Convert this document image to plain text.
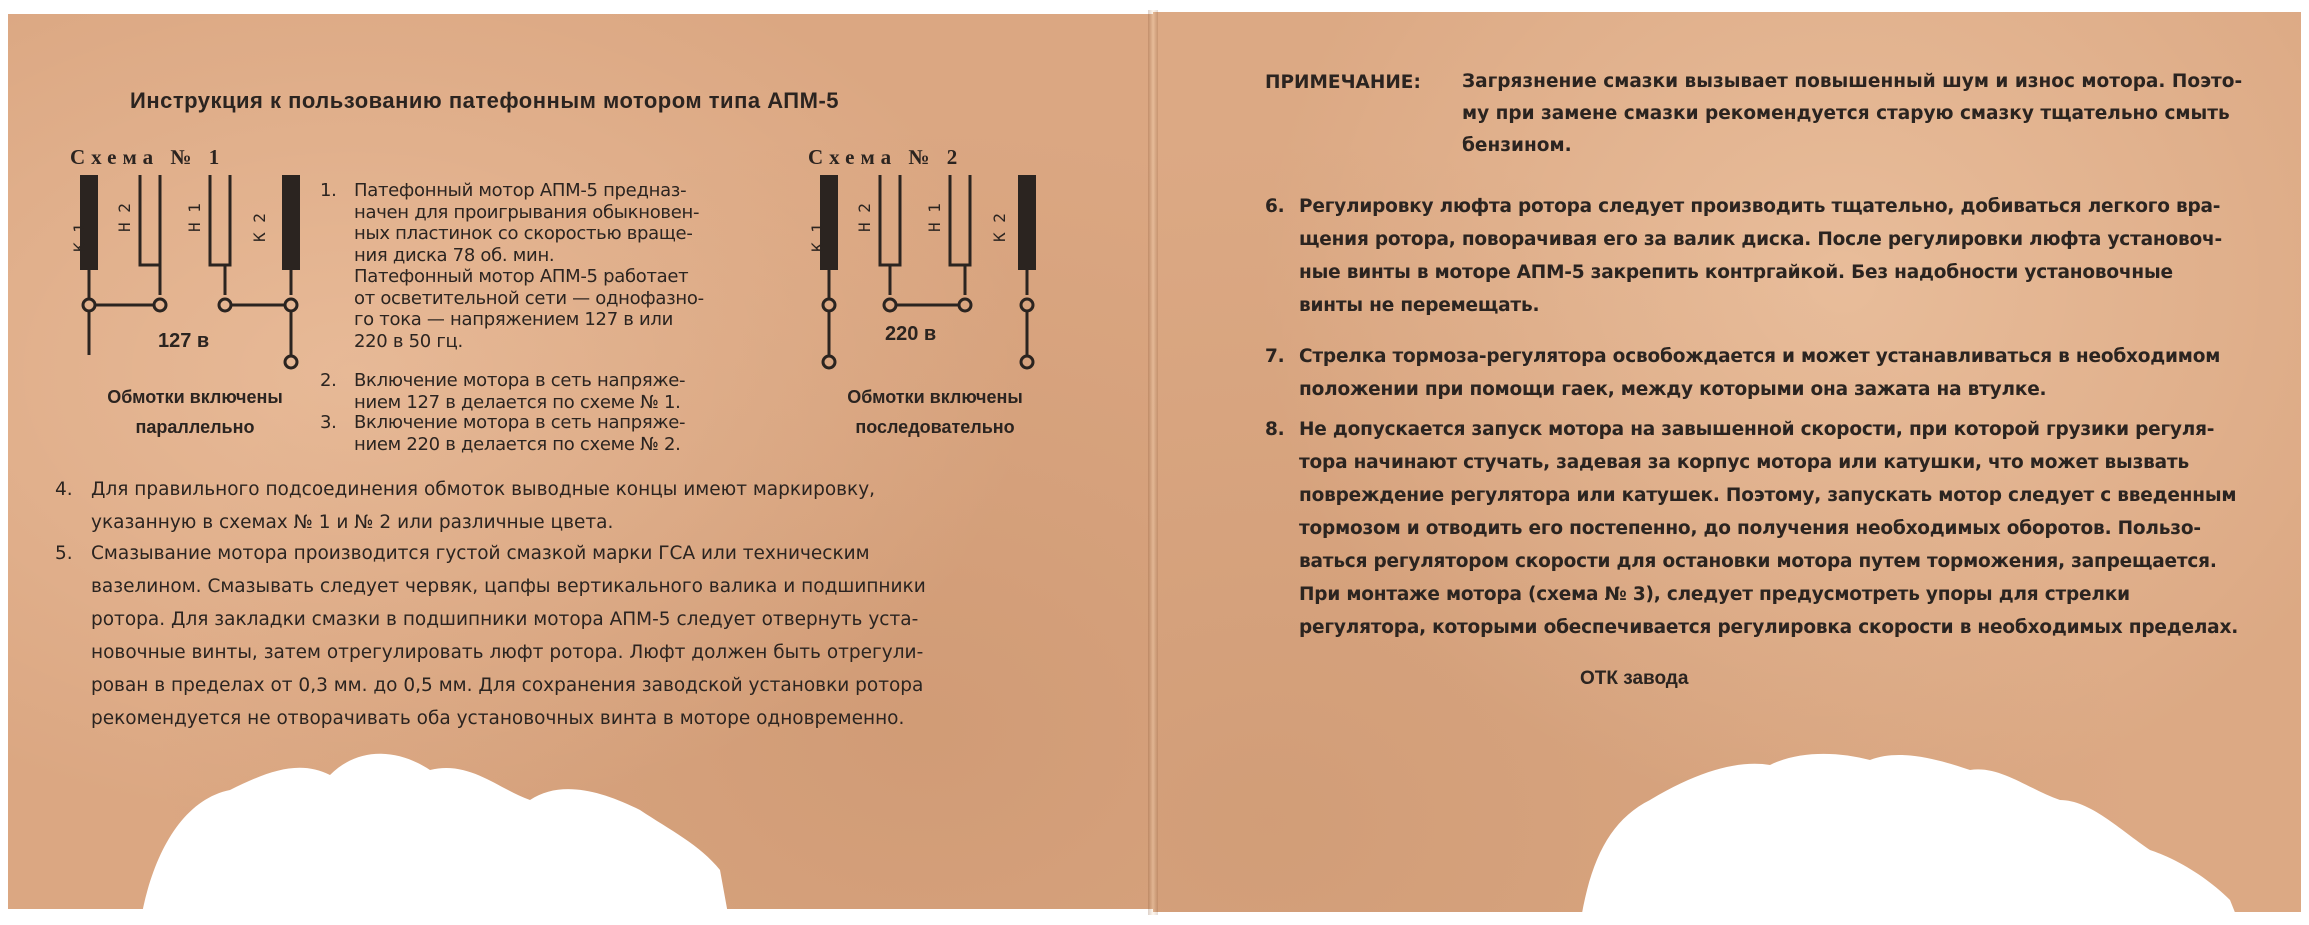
Инструкция к пользованию патефонным мотором типа АПМ-5
Схема № 1
К 1
Н 2	Н 1	К 2
127 в
Обмотки включены
параллельно
1. Патефонный мотор АПМ-5 предназ-
начен для проигрывания обыкновен-
ных пластинок со скоростью враще-
ния диска 78 об. мин.
Патефонный мотор АПМ-5 работает
от осветительной сети — однофазно-
го тока — напряжением 127 в или
220 в 50 гц.
2. Включение мотора в сеть напряже-
нием 127 в делается по схеме № 1.
3. Включение мотора в сеть напряже-
нием 220 в делается по схеме № 2.
Схема № 2
К 1
Н 2	Н 1	К 2
220 в
Обмотки включены
последовательно
4. Для правильного подсоединения обмоток выводные концы имеют маркировку,
указанную в схемах № 1 и № 2 или различные цвета.
5. Смазывание мотора производится густой смазкой марки ГСА или техническим
вазелином. Смазывать следует червяк, цапфы вертикального валика и подшипники
ротора. Для закладки смазки в подшипники мотора АПМ-5 следует отвернуть уста-
новочные винты, затем отрегулировать люфт ротора. Люфт должен быть отрегули-
рован в пределах от 0,3 мм. до 0,5 мм. Для сохранения заводской установки ротора
рекомендуется не отворачивать оба установочных винта в моторе одновременно.
ПРИМЕЧАНИЕ: Загрязнение смазки вызывает повышенный шум и износ мотора. Поэто-
му при замене смазки рекомендуется старую смазку тщательно смыть
бензином.
6. Регулировку люфта ротора следует производить тщательно, добиваться легкого вра-
щения ротора, поворачивая его за валик диска. После регулировки люфта установоч-
ные винты в моторе АПМ-5 закрепить контргайкой. Без надобности установочные
винты не перемещать.
7. Стрелка тормоза-регулятора освобождается и может устанавливаться в необходимом
положении при помощи гаек, между которыми она зажата на втулке.
8. Не допускается запуск мотора на завышенной скорости, при которой грузики регуля-
тора начинают стучать, задевая за корпус мотора или катушки, что может вызвать
повреждение регулятора или катушек. Поэтому, запускать мотор следует с введенным
тормозом и отводить его постепенно, до получения необходимых оборотов. Пользо-
ваться регулятором скорости для остановки мотора путем торможения, запрещается.
При монтаже мотора (схема № 3), следует предусмотреть упоры для стрелки
регулятора, которыми обеспечивается регулировка скорости в необходимых пределах.
ОТК завода
